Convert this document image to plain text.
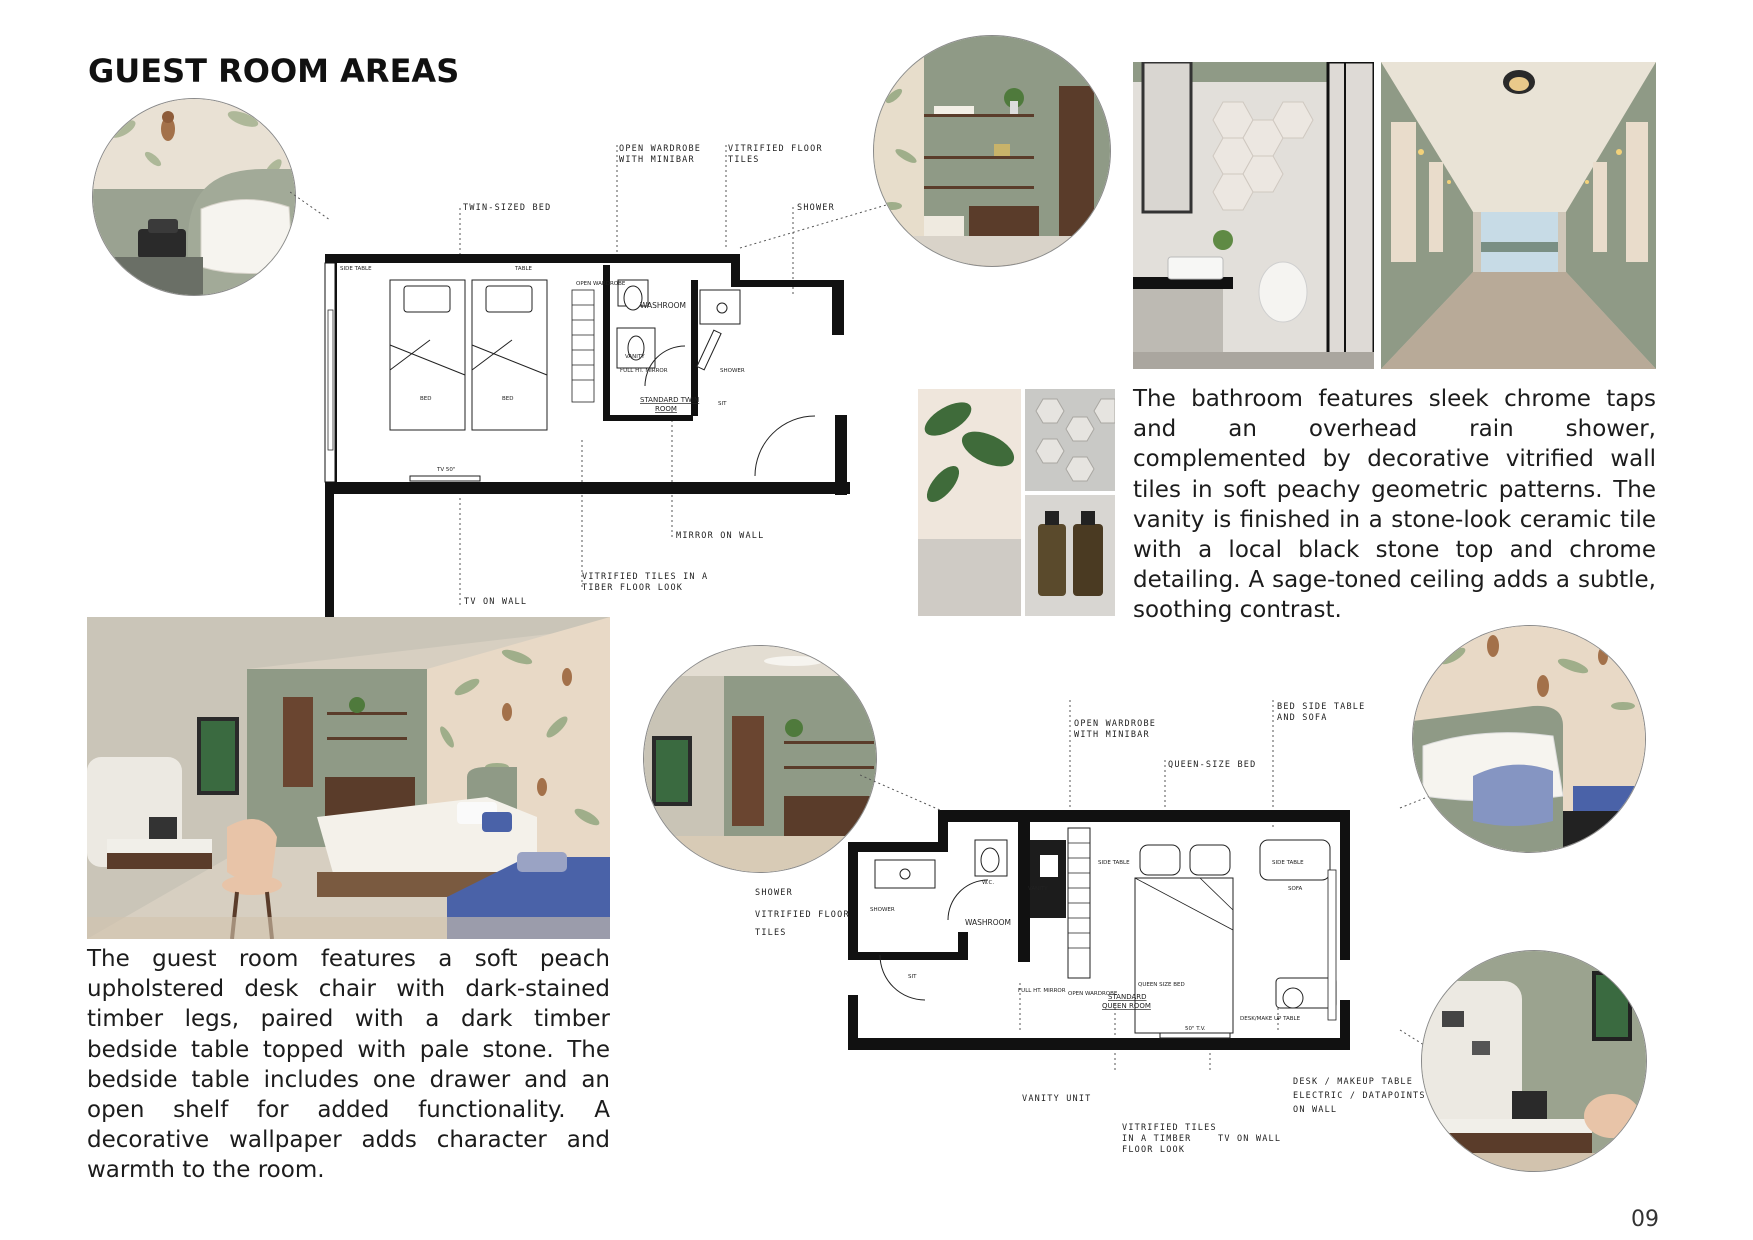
GUEST ROOM AREAS
SIDE TABLE	TABLE
BED	BED
OPEN WARDROBE
VANITY
FULL HT. MIRROR	SHOWER
TV 50"
SIT
WASHROOM
STANDARD TWIN
ROOM
OPEN WARDROBE
WITH MINIBAR
VITRIFIED FLOOR
TILES
TWIN-SIZED BED	SHOWER
MIRROR ON WALL
VITRIFIED TILES IN A
TIBER FLOOR LOOK
TV ON WALL
The bathroom features sleek chrome taps and an overhead rain shower, complemented by decorative vitrified wall tiles in soft peachy geometric patterns. The vanity is finished in a stone-look ceramic tile with a local black stone top and chrome detailing. A sage-toned ceiling adds a subtle, soothing contrast.
The guest room features a soft peach upholstered desk chair with dark-stained timber legs, paired with a dark timber bedside table topped with pale stone. The bedside table includes one drawer and an open shelf for added functionality. A decorative wallpaper adds character and warmth to the room.
W.C.
VANITY
SHOWER
SIDE TABLE	SIDE TABLE
SOFA
QUEEN SIZE BED
OPEN WARDROBE
FULL HT. MIRROR
SIT
50" T.V.
DESK/MAKE UP TABLE
WASHROOM
STANDARD
QUEEN ROOM
OPEN WARDROBE
WITH MINIBAR
BED SIDE TABLE
AND SOFA
QUEEN-SIZE BED
SHOWER
VITRIFIED FLOOR
TILES
VANITY UNIT
VITRIFIED TILES
IN A TIMBER
FLOOR LOOK
TV ON WALL
DESK / MAKEUP TABLE
ELECTRIC / DATAPOINTS
ON WALL
09
